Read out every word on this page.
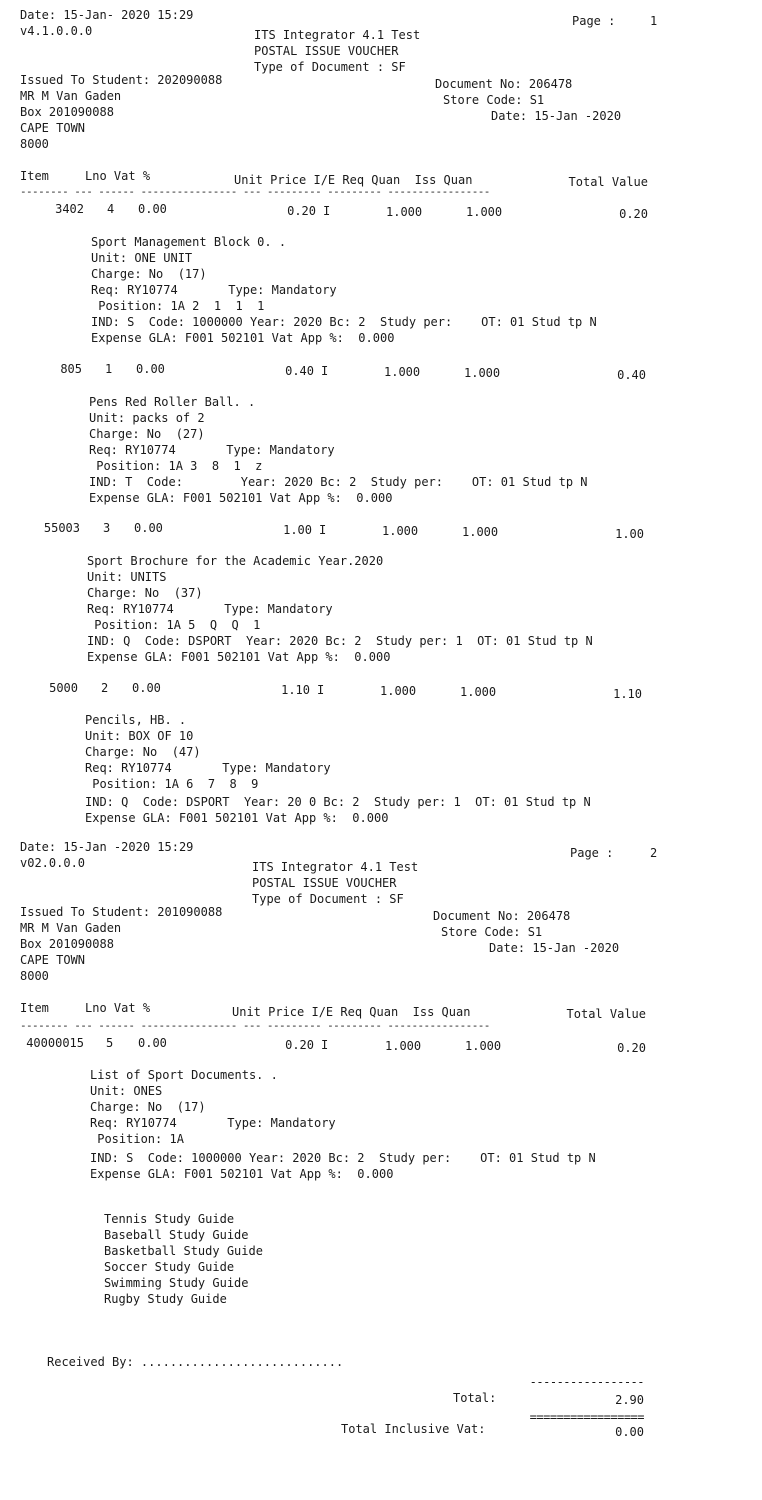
Date: 15-Jan- 2020 15:29
v4.1.0.0.0
Page :	1
ITS Integrator 4.1 Test
POSTAL ISSUE VOUCHER
Type of Document : SF
Issued To Student: 202090088
MR M Van Gaden
Box 201090088
CAPE TOWN
8000
Document No: 206478
Store Code: S1
Date: 15-Jan -2020
Item     Lno Vat %	Unit Price I/E Req Quan  Iss Quan	Total Value
-------- --- ------ ---------------- --- --------- --------- -----------------
3402 4 0.00	0.20 I	1.000	1.000	0.20
Sport Management Block 0. .
Unit: ONE UNIT
Charge: No  (17)
Req: RY10774       Type: Mandatory
Position: 1A 2  1  1  1
IND: S  Code: 1000000 Year: 2020 Bc: 2  Study per:    OT: 01 Stud tp N
Expense GLA: F001 502101 Vat App %:  0.000
805 1 0.00	0.40 I	1.000	1.000	0.40
Pens Red Roller Ball. .
Unit: packs of 2
Charge: No  (27)
Req: RY10774       Type: Mandatory
Position: 1A 3  8  1  z
IND: T  Code:        Year: 2020 Bc: 2  Study per:    OT: 01 Stud tp N
Expense GLA: F001 502101 Vat App %:  0.000
55003 3 0.00	1.00 I	1.000	1.000	1.00
Sport Brochure for the Academic Year.2020
Unit: UNITS
Charge: No  (37)
Req: RY10774       Type: Mandatory
Position: 1A 5  Q  Q  1
IND: Q  Code: DSPORT  Year: 2020 Bc: 2  Study per: 1  OT: 01 Stud tp N
Expense GLA: F001 502101 Vat App %:  0.000
5000 2 0.00	1.10 I	1.000	1.000	1.10
Pencils, HB. .
Unit: BOX OF 10
Charge: No  (47)
Req: RY10774       Type: Mandatory
Position: 1A 6  7  8  9
IND: Q  Code: DSPORT  Year: 20 0 Bc: 2  Study per: 1  OT: 01 Stud tp N
Expense GLA: F001 502101 Vat App %:  0.000
Date: 15-Jan -2020 15:29
v02.0.0.0
Page :	2
ITS Integrator 4.1 Test
POSTAL ISSUE VOUCHER
Type of Document : SF
Issued To Student: 201090088
MR M Van Gaden
Box 201090088
CAPE TOWN
8000
Document No: 206478
Store Code: S1
Date: 15-Jan -2020
Item     Lno Vat %	Unit Price I/E Req Quan  Iss Quan	Total Value
-------- --- ------ ---------------- --- --------- --------- -----------------
40000015 5 0.00	0.20 I	1.000	1.000	0.20
List of Sport Documents. .
Unit: ONES
Charge: No  (17)
Req: RY10774       Type: Mandatory
Position: 1A
IND: S  Code: 1000000 Year: 2020 Bc: 2  Study per:    OT: 01 Stud tp N
Expense GLA: F001 502101 Vat App %:  0.000
Tennis Study Guide
Baseball Study Guide
Basketball Study Guide
Soccer Study Guide
Swimming Study Guide
Rugby Study Guide
Received By: ............................
-----------------
Total:	2.90
=================
Total Inclusive Vat:	0.00
